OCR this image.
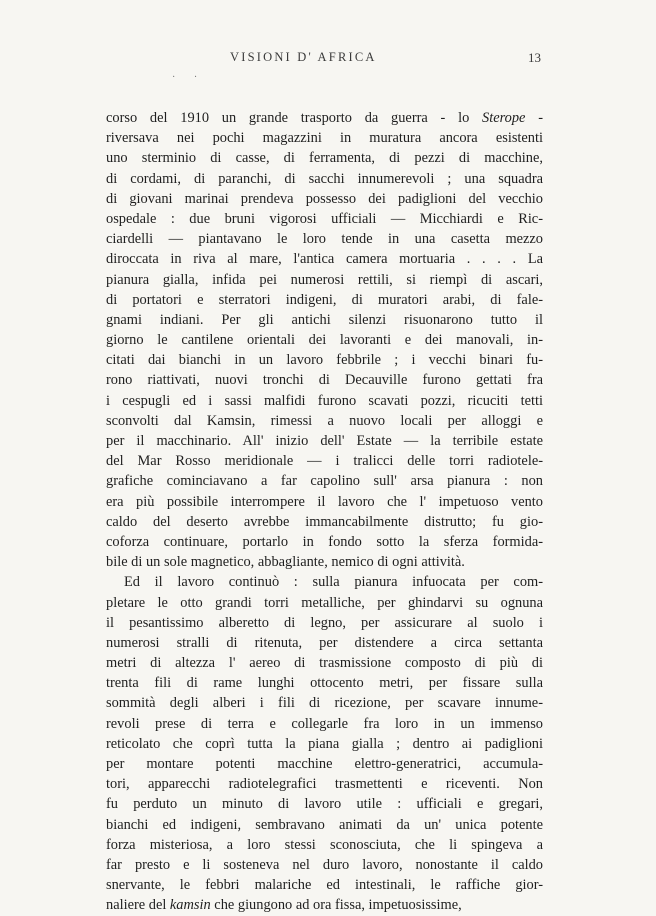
VISIONI D' AFRICA	13
· ·

corso del 1910 un grande trasporto da guerra - lo Sterope -
riversava nei pochi magazzini in muratura ancora esistenti
uno sterminio di casse, di ferramenta, di pezzi di macchine,
di cordami, di paranchi, di sacchi innumerevoli ; una squadra
di giovani marinai prendeva possesso dei padiglioni del vecchio
ospedale : due bruni vigorosi ufficiali — Micchiardi e Ric-
ciardelli — piantavano le loro tende in una casetta mezzo
diroccata in riva al mare, l'antica camera mortuaria . . . . La
pianura gialla, infida pei numerosi rettili, si riempì di ascari,
di portatori e sterratori indigeni, di muratori arabi, di fale-
gnami indiani. Per gli antichi silenzi risuonarono tutto il
giorno le cantilene orientali dei lavoranti e dei manovali, in-
citati dai bianchi in un lavoro febbrile ; i vecchi binari fu-
rono riattivati, nuovi tronchi di Decauville furono gettati fra
i cespugli ed i sassi malfidi furono scavati pozzi, ricuciti tetti
sconvolti dal Kamsin, rimessi a nuovo locali per alloggi e
per il macchinario. All' inizio dell' Estate — la terribile estate
del Mar Rosso meridionale — i tralicci delle torri radiotele-
grafiche cominciavano a far capolino sull' arsa pianura : non
era più possibile interrompere il lavoro che l' impetuoso vento
caldo del deserto avrebbe immancabilmente distrutto; fu gio-
coforza continuare, portarlo in fondo sotto la sferza formida-
bile di un sole magnetico, abbagliante, nemico di ogni attività.

Ed il lavoro continuò : sulla pianura infuocata per com-
pletare le otto grandi torri metalliche, per ghindarvi su ognuna
il pesantissimo alberetto di legno, per assicurare al suolo i
numerosi stralli di ritenuta, per distendere a circa settanta
metri di altezza l' aereo di trasmissione composto di più di
trenta fili di rame lunghi ottocento metri, per fissare sulla
sommità degli alberi i fili di ricezione, per scavare innume-
revoli prese di terra e collegarle fra loro in un immenso
reticolato che coprì tutta la piana gialla ; dentro ai padiglioni
per montare potenti macchine elettro-generatrici, accumula-
tori, apparecchi radiotelegrafici trasmettenti e riceventi. Non
fu perduto un minuto di lavoro utile : ufficiali e gregari,
bianchi ed indigeni, sembravano animati da un' unica potente
forza misteriosa, a loro stessi sconosciuta, che li spingeva a
far presto e li sosteneva nel duro lavoro, nonostante il caldo
snervante, le febbri malariche ed intestinali, le raffiche gior-
naliere del kamsin che giungono ad ora fissa, impetuosissime,
